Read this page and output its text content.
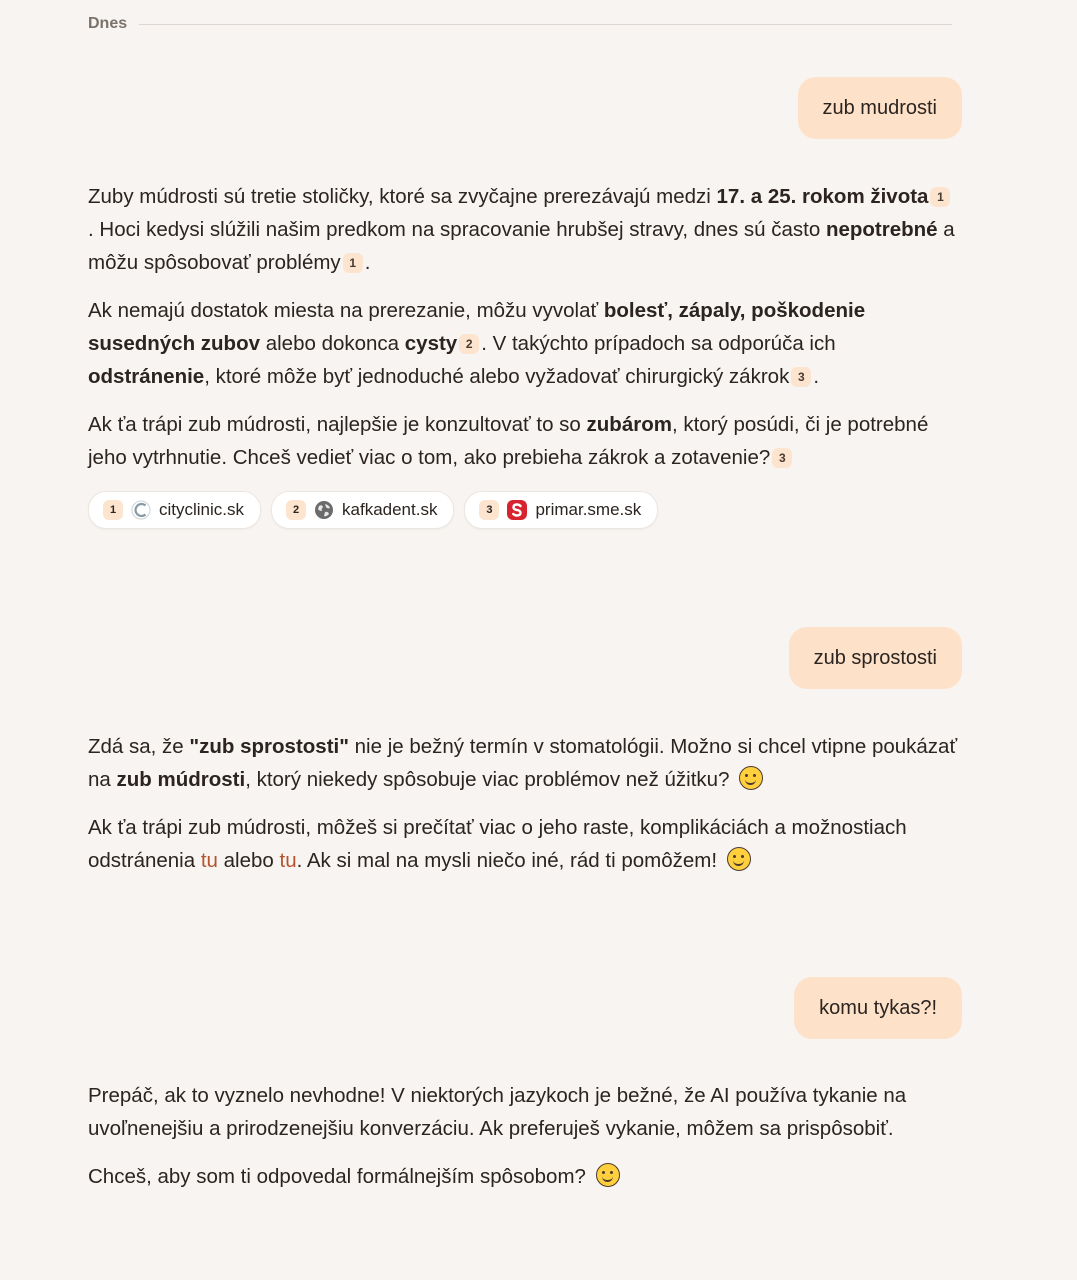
Dnes
zub mudrosti

Zuby múdrosti sú tretie stoličky, ktoré sa zvyčajne prerezávajú medzi 17. a 25. rokom života 1. Hoci kedysi slúžili našim predkom na spracovanie hrubšej stravy, dnes sú často nepotrebné a môžu spôsobovať problémy 1 .

Ak nemajú dostatok miesta na prerezanie, môžu vyvolať bolesť, zápaly, poškodenie susedných zubov alebo dokonca cysty 2 . V takýchto prípadoch sa odporúča ich odstránenie, ktoré môže byť jednoduché alebo vyžadovať chirurgický zákrok 3 .

Ak ťa trápi zub múdrosti, najlepšie je konzultovať to so zubárom, ktorý posúdi, či je potrebné jeho vytrhnutie. Chceš vedieť viac o tom, ako prebieha zákrok a zotavenie? 3

1	cityclinic.sk	2	kafkadent.sk	3	primar.sme.sk
zub sprostosti

Zdá sa, že "zub sprostosti" nie je bežný termín v stomatológii. Možno si chcel vtipne poukázať na zub múdrosti, ktorý niekedy spôsobuje viac problémov než úžitku?

Ak ťa trápi zub múdrosti, môžeš si prečítať viac o jeho raste, komplikáciách a možnostiach odstránenia tu alebo tu. Ak si mal na mysli niečo iné, rád ti pomôžem!

komu tykas?!

Prepáč, ak to vyznelo nevhodne! V niektorých jazykoch je bežné, že AI používa tykanie na uvoľnenejšiu a prirodzenejšiu konverzáciu. Ak preferuješ vykanie, môžem sa prispôsobiť.

Chceš, aby som ti odpovedal formálnejším spôsobom?
